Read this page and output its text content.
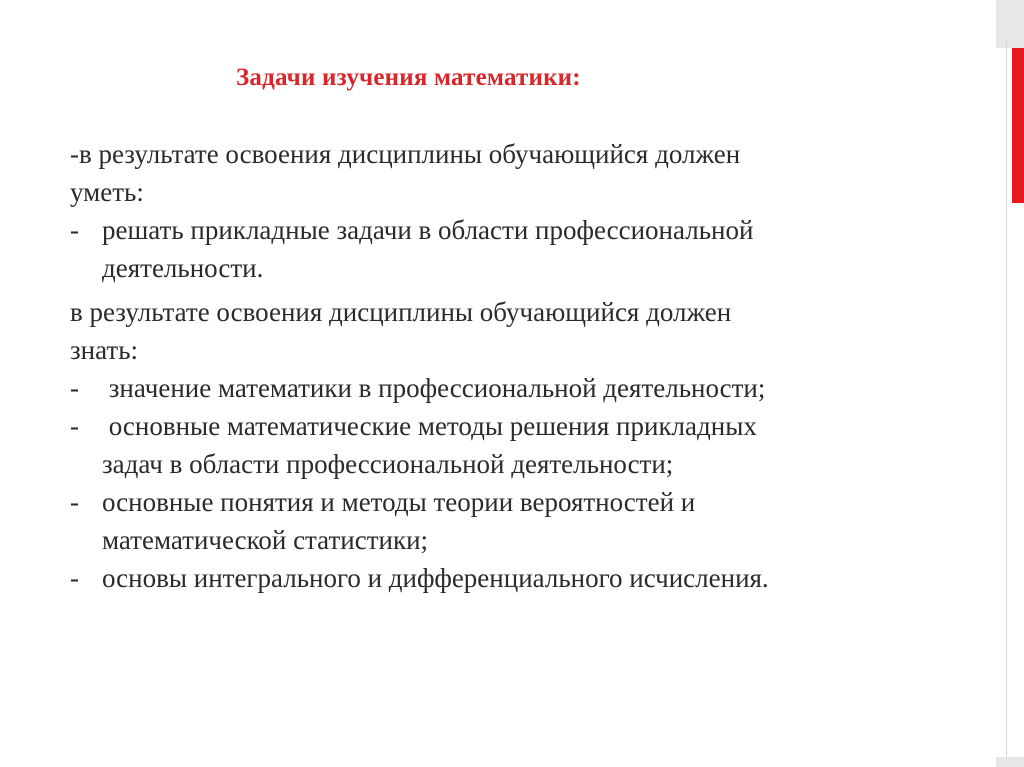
Задачи изучения математики:
-в результате освоения дисциплины обучающийся должен
уметь:
- решать прикладные задачи в области профессиональной
деятельности.
в результате освоения дисциплины обучающийся должен
знать:
- значение математики в профессиональной деятельности;
- основные математические методы решения прикладных
задач в области профессиональной деятельности;
- основные понятия и методы теории вероятностей и
математической статистики;
- основы интегрального и дифференциального исчисления.
